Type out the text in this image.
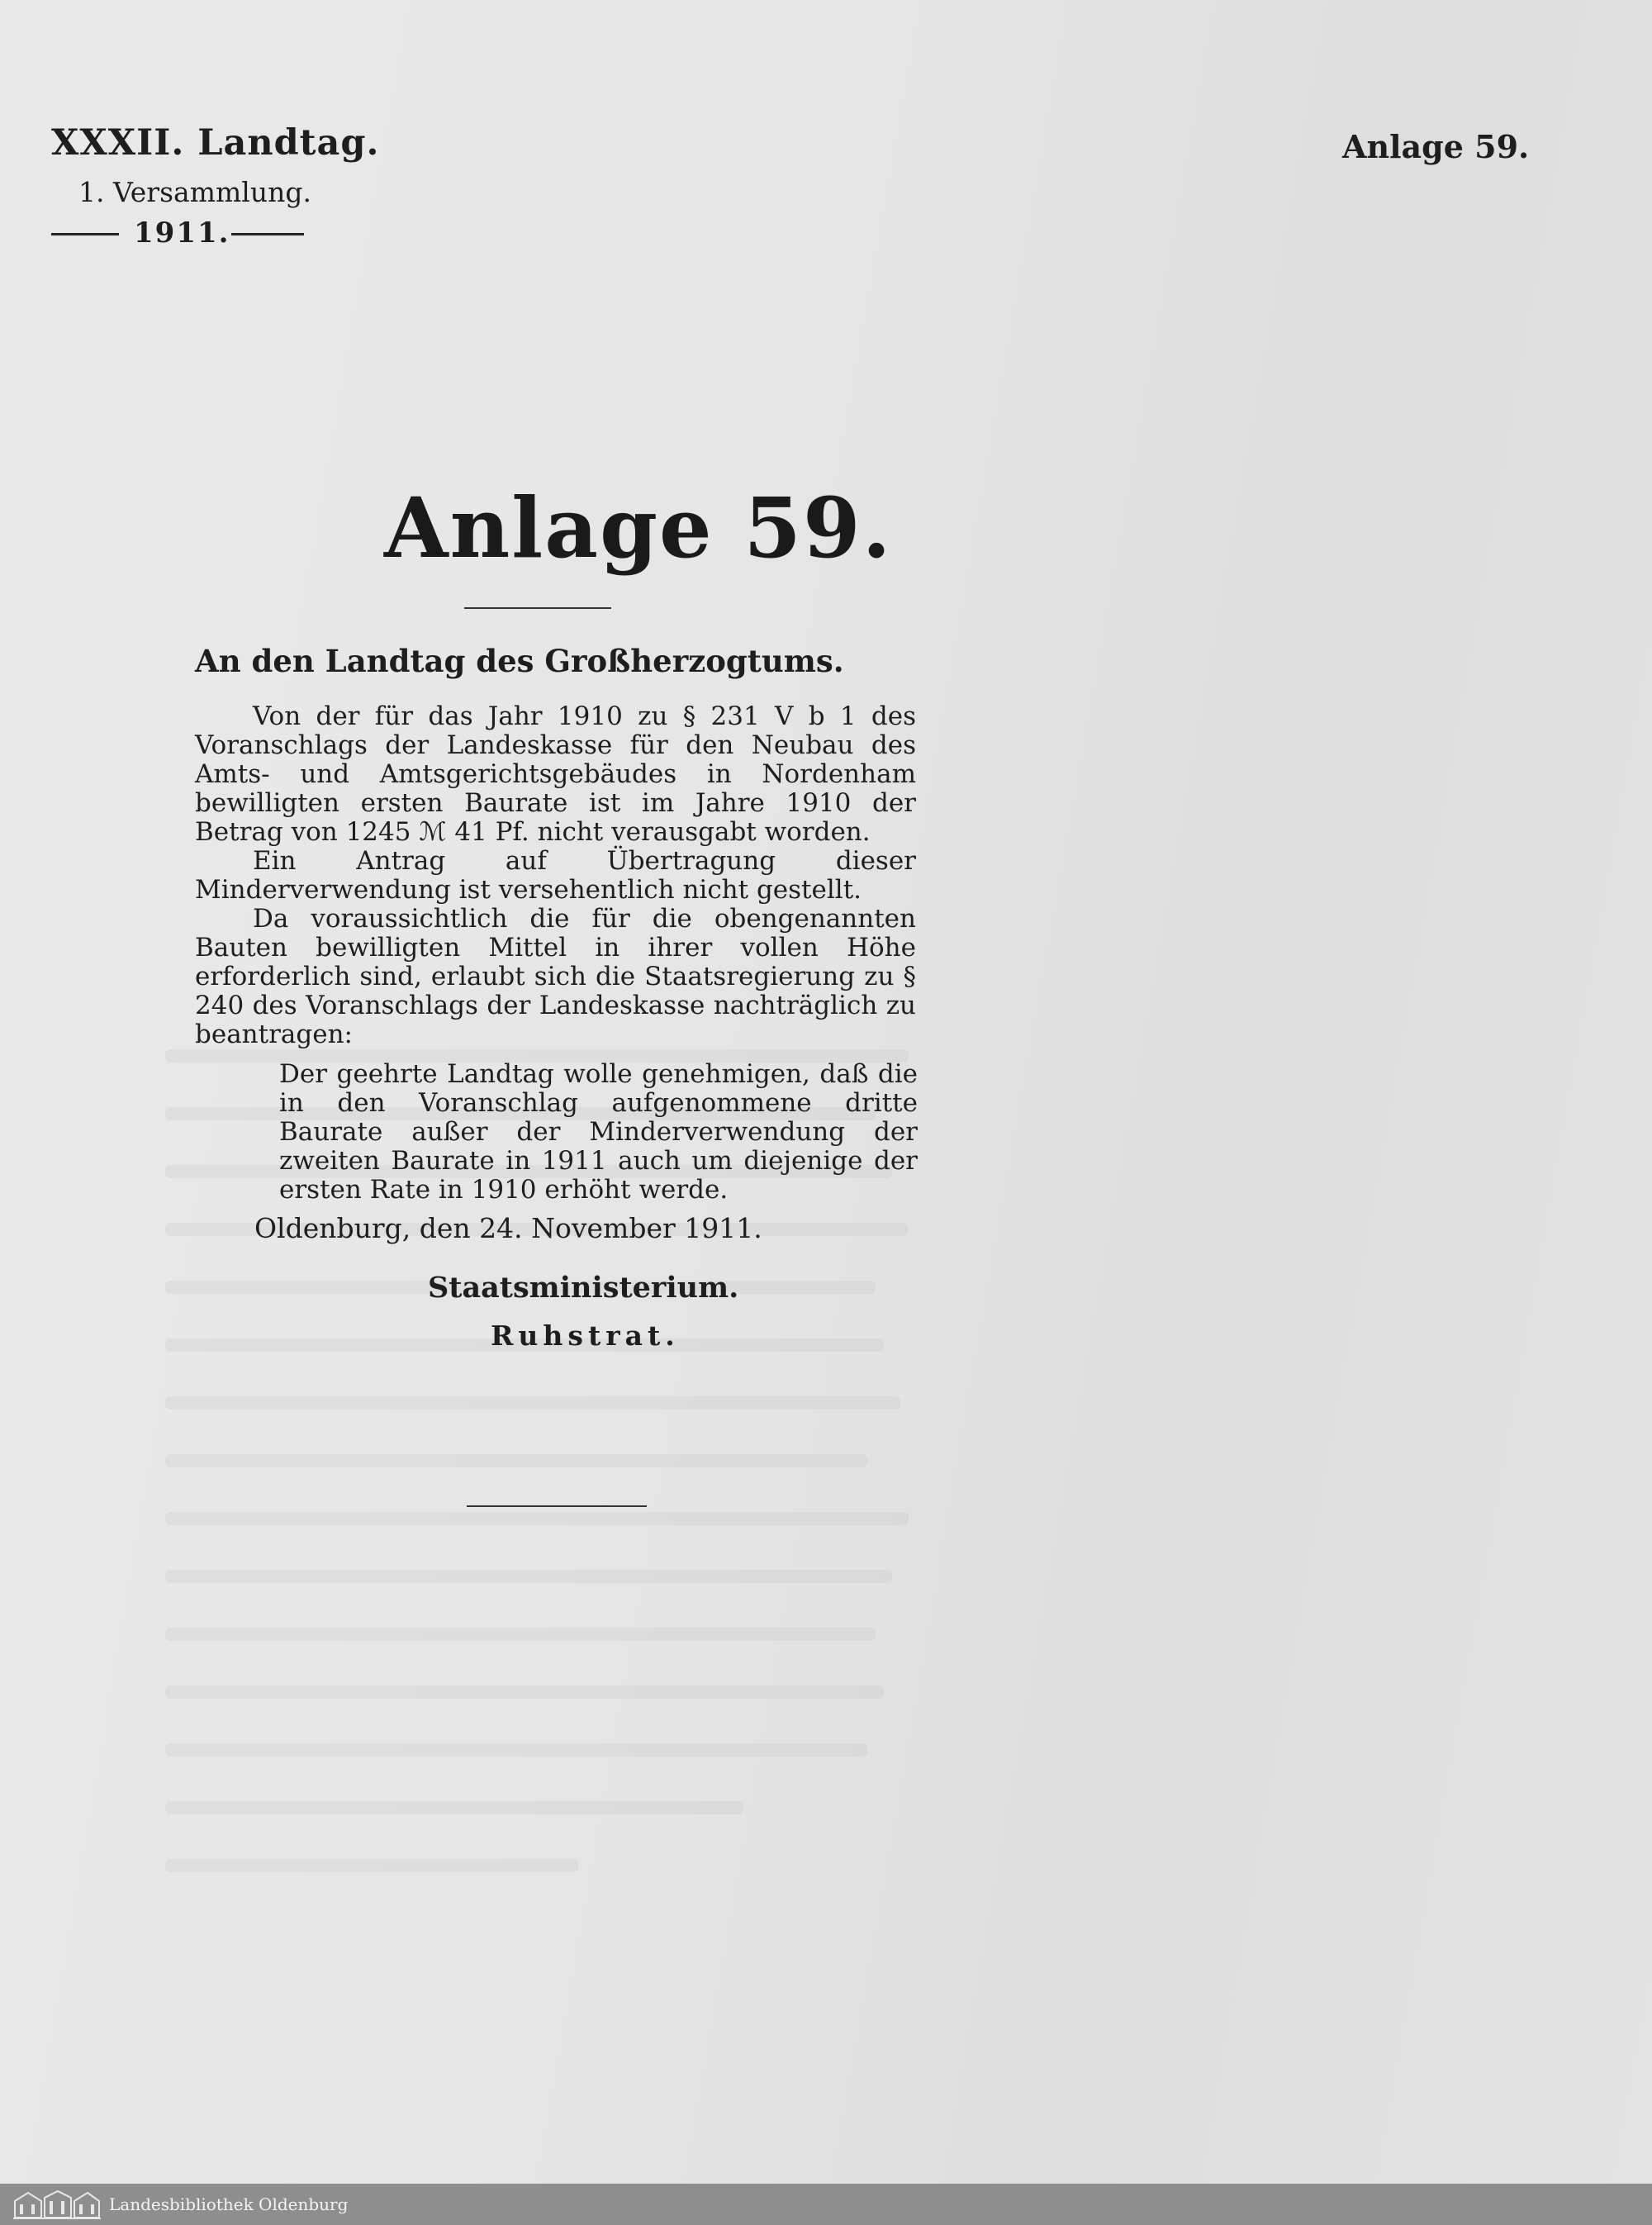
XXXII. Landtag.
1. Versammlung.
1911.
Anlage 59.
Anlage 59.
An den Landtag des Großherzogtums.

Von der für das Jahr 1910 zu § 231 V b 1 des Voranschlags der Landeskasse für den Neubau des Amts- und Amtsgerichtsgebäudes in Nordenham bewilligten ersten Baurate ist im Jahre 1910 der Betrag von 1245 ℳ 41 Pf. nicht verausgabt worden.

Ein Antrag auf Übertragung dieser Minderverwendung ist versehentlich nicht gestellt.

Da voraussichtlich die für die obengenannten Bauten bewilligten Mittel in ihrer vollen Höhe erforderlich sind, erlaubt sich die Staatsregierung zu § 240 des Voranschlags der Landeskasse nachträglich zu beantragen:

Der geehrte Landtag wolle genehmigen, daß die in den Voranschlag aufgenommene dritte Baurate außer der Minderverwendung der zweiten Baurate in 1911 auch um diejenige der ersten Rate in 1910 erhöht werde.
Oldenburg, den 24. November 1911.
Staatsministerium.
Ruhstrat.
Landesbibliothek Oldenburg
